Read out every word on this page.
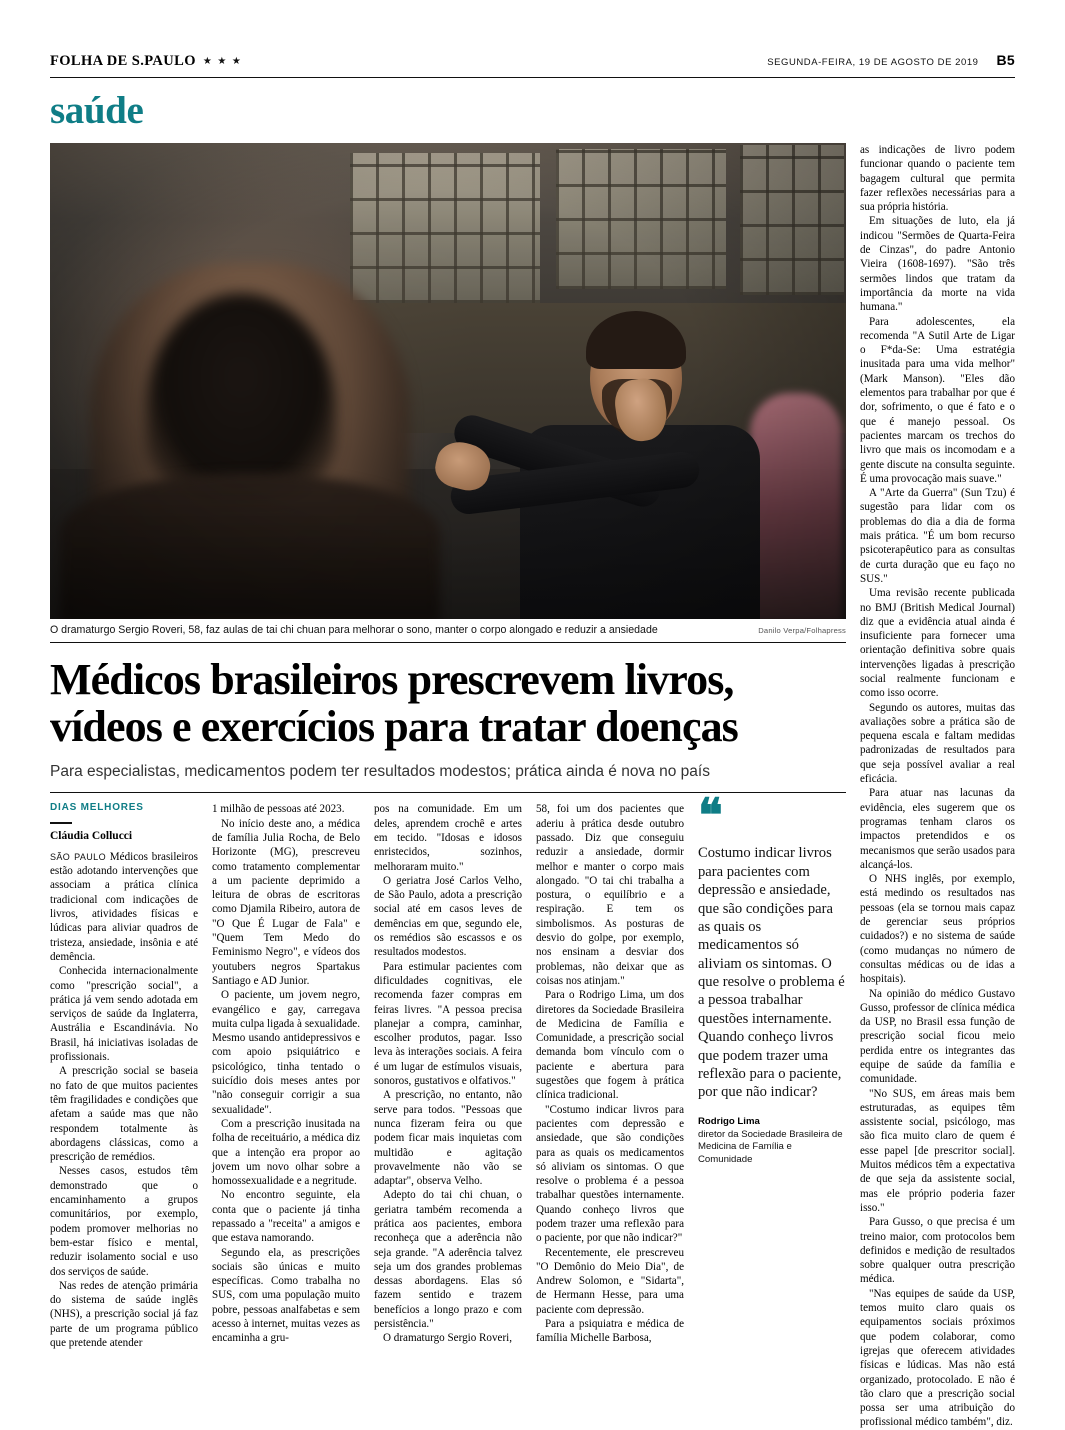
FOLHA DE S.PAULO ★ ★ ★	SEGUNDA-FEIRA, 19 DE AGOSTO DE 2019 B5
saúde
O dramaturgo Sergio Roveri, 58, faz aulas de tai chi chuan para melhorar o sono, manter o corpo alongado e reduzir a ansiedade	Danilo Verpa/Folhapress
Médicos brasileiros prescrevem livros, vídeos e exercícios para tratar doenças
Para especialistas, medicamentos podem ter resultados modestos; prática ainda é nova no país
DIAS MELHORES
Cláudia Collucci

SÃO PAULO Médicos brasileiros estão adotando intervenções que associam a prática clínica tradicional com indicações de livros, atividades físicas e lúdicas para aliviar quadros de tristeza, ansiedade, insônia e até demência.

Conhecida internacionalmente como "prescrição social", a prática já vem sendo adotada em serviços de saúde da Inglaterra, Austrália e Escandinávia. No Brasil, há iniciativas isoladas de profissionais.

A prescrição social se baseia no fato de que muitos pacientes têm fragilidades e condições que afetam a saúde mas que não respondem totalmente às abordagens clássicas, como a prescrição de remédios.

Nesses casos, estudos têm demonstrado que o encaminhamento a grupos comunitários, por exemplo, podem promover melhorias no bem-estar físico e mental, reduzir isolamento social e uso dos serviços de saúde.

Nas redes de atenção primária do sistema de saúde inglês (NHS), a prescrição social já faz parte de um programa público que pretende atender

1 milhão de pessoas até 2023.

No início deste ano, a médica de família Julia Rocha, de Belo Horizonte (MG), prescreveu como tratamento complementar a um paciente deprimido a leitura de obras de escritoras como Djamila Ribeiro, autora de "O Que É Lugar de Fala" e "Quem Tem Medo do Feminismo Negro", e vídeos dos youtubers negros Spartakus Santiago e AD Junior.

O paciente, um jovem negro, evangélico e gay, carregava muita culpa ligada à sexualidade. Mesmo usando antidepressivos e com apoio psiquiátrico e psicológico, tinha tentado o suicídio dois meses antes por "não conseguir corrigir a sua sexualidade".

Com a prescrição inusitada na folha de receituário, a médica diz que a intenção era propor ao jovem um novo olhar sobre a homossexualidade e a negritude.

No encontro seguinte, ela conta que o paciente já tinha repassado a "receita" a amigos e que estava namorando.

Segundo ela, as prescrições sociais são únicas e muito específicas. Como trabalha no SUS, com uma população muito pobre, pessoas analfabetas e sem acesso à internet, muitas vezes as encaminha a gru-

pos na comunidade. Em um deles, aprendem crochê e artes em tecido. "Idosas e idosos enristecidos, sozinhos, melhoraram muito."

O geriatra José Carlos Velho, de São Paulo, adota a prescrição social até em casos leves de demências em que, segundo ele, os remédios são escassos e os resultados modestos.

Para estimular pacientes com dificuldades cognitivas, ele recomenda fazer compras em feiras livres. "A pessoa precisa planejar a compra, caminhar, escolher produtos, pagar. Isso leva às interações sociais. A feira é um lugar de estímulos visuais, sonoros, gustativos e olfativos."

A prescrição, no entanto, não serve para todos. "Pessoas que nunca fizeram feira ou que podem ficar mais inquietas com multidão e agitação provavelmente não vão se adaptar", observa Velho.

Adepto do tai chi chuan, o geriatra também recomenda a prática aos pacientes, embora reconheça que a aderência não seja grande. "A aderência talvez seja um dos grandes problemas dessas abordagens. Elas só fazem sentido e trazem benefícios a longo prazo e com persistência."

O dramaturgo Sergio Roveri,

58, foi um dos pacientes que aderiu à prática desde outubro passado. Diz que conseguiu reduzir a ansiedade, dormir melhor e manter o corpo mais alongado. "O tai chi trabalha a postura, o equilíbrio e a respiração. E tem os simbolismos. As posturas de desvio do golpe, por exemplo, nos ensinam a desviar dos problemas, não deixar que as coisas nos atinjam."

Para o Rodrigo Lima, um dos diretores da Sociedade Brasileira de Medicina de Família e Comunidade, a prescrição social demanda bom vínculo com o paciente e abertura para sugestões que fogem à prática clínica tradicional.

"Costumo indicar livros para pacientes com depressão e ansiedade, que são condições para as quais os medicamentos só aliviam os sintomas. O que resolve o problema é a pessoa trabalhar questões internamente. Quando conheço livros que podem trazer uma reflexão para o paciente, por que não indicar?"

Recentemente, ele prescreveu "O Demônio do Meio Dia", de Andrew Solomon, e "Sidarta", de Hermann Hesse, para uma paciente com depressão.

Para a psiquiatra e médica de família Michelle Barbosa,

❝

Costumo indicar livros para pacientes com depressão e ansiedade, que são condições para as quais os medicamentos só aliviam os sintomas. O que resolve o problema é a pessoa trabalhar questões internamente. Quando conheço livros que podem trazer uma reflexão para o paciente, por que não indicar?

Rodrigo Lima
diretor da Sociedade Brasileira de Medicina de Família e Comunidade

as indicações de livro podem funcionar quando o paciente tem bagagem cultural que permita fazer reflexões necessárias para a sua própria história.

Em situações de luto, ela já indicou "Sermões de Quarta-Feira de Cinzas", do padre Antonio Vieira (1608-1697). "São três sermões lindos que tratam da importância da morte na vida humana."

Para adolescentes, ela recomenda "A Sutil Arte de Ligar o F*da-Se: Uma estratégia inusitada para uma vida melhor" (Mark Manson). "Eles dão elementos para trabalhar por que é dor, sofrimento, o que é fato e o que é manejo pessoal. Os pacientes marcam os trechos do livro que mais os incomodam e a gente discute na consulta seguinte. É uma provocação mais suave."

A "Arte da Guerra" (Sun Tzu) é sugestão para lidar com os problemas do dia a dia de forma mais prática. "É um bom recurso psicoterapêutico para as consultas de curta duração que eu faço no SUS."

Uma revisão recente publicada no BMJ (British Medical Journal) diz que a evidência atual ainda é insuficiente para fornecer uma orientação definitiva sobre quais intervenções ligadas à prescrição social realmente funcionam e como isso ocorre.

Segundo os autores, muitas das avaliações sobre a prática são de pequena escala e faltam medidas padronizadas de resultados para que seja possível avaliar a real eficácia.

Para atuar nas lacunas da evidência, eles sugerem que os programas tenham claros os impactos pretendidos e os mecanismos que serão usados para alcançá-los.

O NHS inglês, por exemplo, está medindo os resultados nas pessoas (ela se tornou mais capaz de gerenciar seus próprios cuidados?) e no sistema de saúde (como mudanças no número de consultas médicas ou de idas a hospitais).

Na opinião do médico Gustavo Gusso, professor de clínica médica da USP, no Brasil essa função de prescrição social ficou meio perdida entre os integrantes das equipe de saúde da família e comunidade.

"No SUS, em áreas mais bem estruturadas, as equipes têm assistente social, psicólogo, mas são fica muito claro de quem é esse papel [de prescritor social]. Muitos médicos têm a expectativa de que seja da assistente social, mas ele próprio poderia fazer isso."

Para Gusso, o que precisa é um treino maior, com protocolos bem definidos e medição de resultados sobre qualquer outra prescrição médica.

"Nas equipes de saúde da USP, temos muito claro quais os equipamentos sociais próximos que podem colaborar, como igrejas que oferecem atividades físicas e lúdicas. Mas não está organizado, protocolado. E não é tão claro que a prescrição social possa ser uma atribuição do profissional médico também", diz.
